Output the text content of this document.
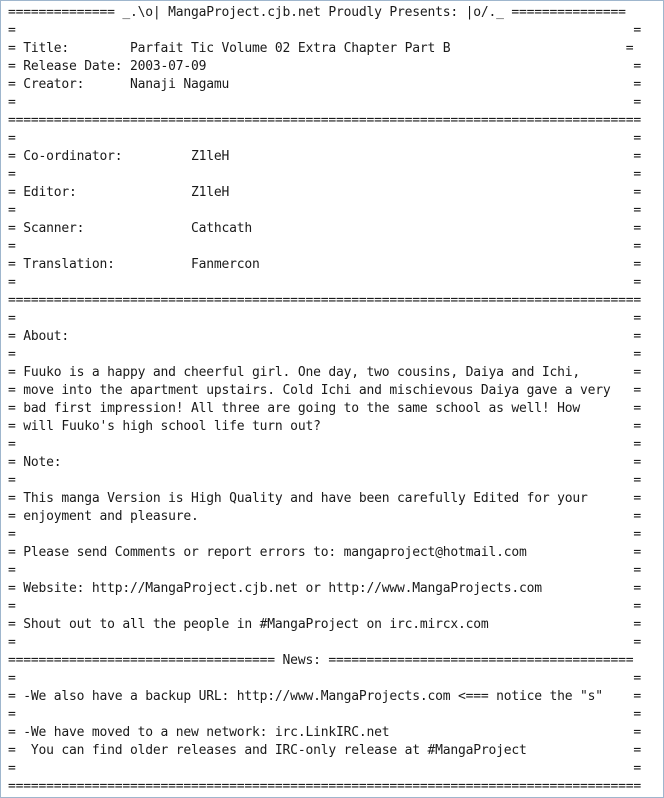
============== _.\o| MangaProject.cjb.net Proudly Presents: |o/._ ===============
=                                                                                 =
= Title:        Parfait Tic Volume 02 Extra Chapter Part B                       =
= Release Date: 2003-07-09                                                        =
= Creator:      Nanaji Nagamu                                                     =
=                                                                                 =
===================================================================================
=                                                                                 =
= Co-ordinator:         Z1leH                                                     =
=                                                                                 =
= Editor:               Z1leH                                                     =
=                                                                                 =
= Scanner:              Cathcath                                                  =
=                                                                                 =
= Translation:          Fanmercon                                                 =
=                                                                                 =
===================================================================================
=                                                                                 =
= About:                                                                          =
=                                                                                 =
= Fuuko is a happy and cheerful girl. One day, two cousins, Daiya and Ichi,       =
= move into the apartment upstairs. Cold Ichi and mischievous Daiya gave a very   =
= bad first impression! All three are going to the same school as well! How       =
= will Fuuko's high school life turn out?                                         =
=                                                                                 =
= Note:                                                                           =
=                                                                                 =
= This manga Version is High Quality and have been carefully Edited for your      =
= enjoyment and pleasure.                                                         =
=                                                                                 =
= Please send Comments or report errors to: mangaproject@hotmail.com              =
=                                                                                 =
= Website: http://MangaProject.cjb.net or http://www.MangaProjects.com            =
=                                                                                 =
= Shout out to all the people in #MangaProject on irc.mircx.com                   =
=                                                                                 =
=================================== News: ========================================
=                                                                                 =
= -We also have a backup URL: http://www.MangaProjects.com <=== notice the "s"    =
=                                                                                 =
= -We have moved to a new network: irc.LinkIRC.net                                =
=  You can find older releases and IRC-only release at #MangaProject              =
=                                                                                 =
===================================================================================
